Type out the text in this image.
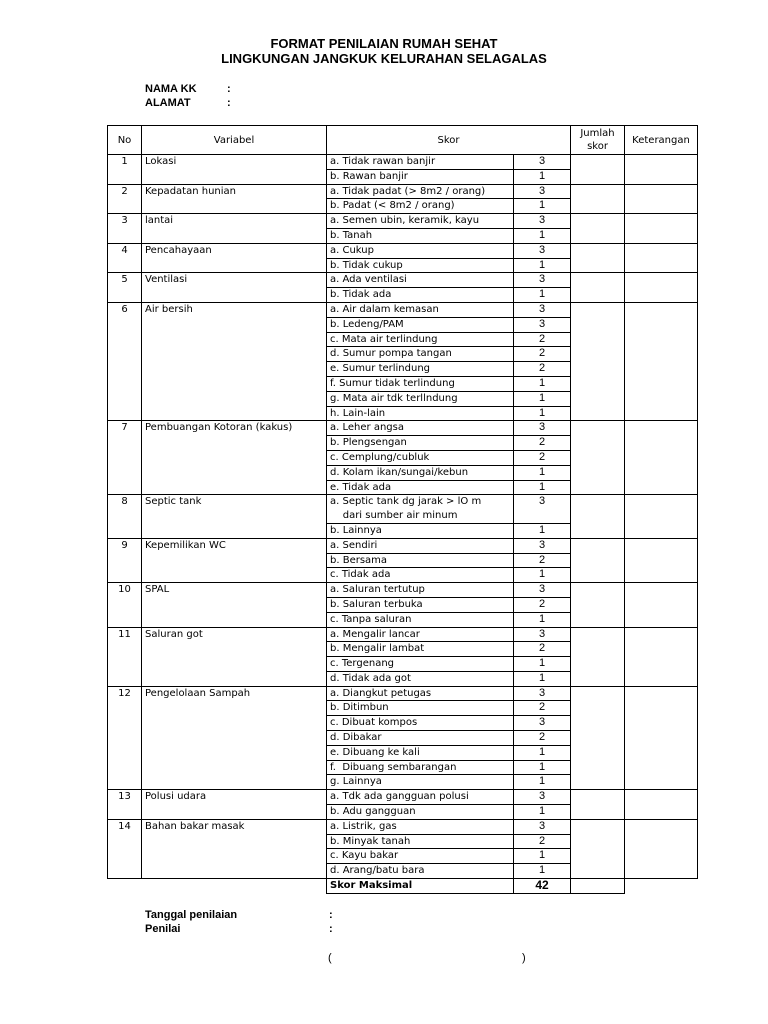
FORMAT PENILAIAN RUMAH SEHAT
LINGKUNGAN JANGKUK KELURAHAN SELAGALAS
NAMA KK	:
ALAMAT	:
No	Variabel	Skor		Jumlah skor	Keterangan
1	Lokasi	a. Tidak rawan banjir	3		
		b. Rawan banjir	1		
2	Kepadatan hunian	a. Tidak padat (> 8m2 / orang)	3		
		b. Padat (< 8m2 / orang)	1		
3	lantai	a. Semen ubin, keramik, kayu	3		
		b. Tanah	1		
4	Pencahayaan	a. Cukup	3		
		b. Tidak cukup	1		
5	Ventilasi	a. Ada ventilasi	3		
		b. Tidak ada	1		
6	Air bersih	a. Air dalam kemasan	3		
		b. Ledeng/PAM	3		
		c. Mata air terlindung	2		
		d. Sumur pompa tangan	2		
		e. Sumur terlindung	2		
		f. Sumur tidak terlindung	1		
		g. Mata air tdk terllndung	1		
		h. Lain-lain	1		
7	Pembuangan Kotoran (kakus)	a. Leher angsa	3		
		b. Plengsengan	2		
		c. Cemplung/cubluk	2		
		d. Kolam ikan/sungai/kebun	1		
		e. Tidak ada	1		
8	Septic tank	a. Septic tank dg jarak > lO m	3		
		dari sumber air minum			
		b. Lainnya	1		
9	Kepemilikan WC	a. Sendiri	3		
		b. Bersama	2		
		c. Tidak ada	1		
10	SPAL	a. Saluran tertutup	3		
		b. Saluran terbuka	2		
		c. Tanpa saluran	1		
11	Saluran got	a. Mengalir lancar	3		
		b. Mengalir lambat	2		
		c. Tergenang	1		
		d. Tidak ada got	1		
12	Pengelolaan Sampah	a. Diangkut petugas	3		
		b. Ditimbun	2		
		c. Dibuat kompos	3		
		d. Dibakar	2		
		e. Dibuang ke kali	1		
		f.  Dibuang sembarangan	1		
		g. Lainnya	1		
13	Polusi udara	a. Tdk ada gangguan polusi	3		
		b. Adu gangguan	1		
14	Bahan bakar masak	a. Listrik, gas	3		
		b. Minyak tanah	2		
		c. Kayu bakar	1		
		d. Arang/batu bara	1		
		Skor Maksimal	42		
Tanggal penilaian	:
Penilai	:
(	)
